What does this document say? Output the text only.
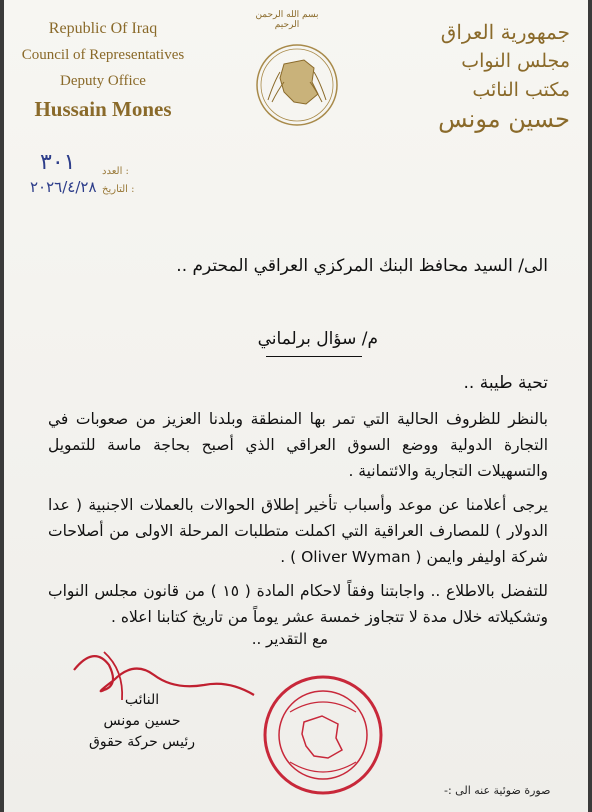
Republic Of Iraq
Council of Representatives
Deputy Office
Hussain Mones
بسم الله الرحمن الرحيم	جمهورية العراق
مجلس النواب
مكتب النائب
حسين مونس
العدد :
التاريخ :
٣٠١
٢٠٢٦/٤/٢٨
الى/ السيد محافظ البنك المركزي العراقي المحترم ..
م/ سؤال برلماني
تحية طيبة ..
بالنظر للظروف الحالية التي تمر بها المنطقة وبلدنا العزيز من صعوبات في التجارة الدولية ووضع السوق العراقي الذي أصبح بحاجة ماسة للتمويل والتسهيلات التجارية والائتمانية .
يرجى أعلامنا عن موعد وأسباب تأخير إطلاق الحوالات بالعملات الاجنبية ( عدا الدولار ) للمصارف العراقية التي اكملت متطلبات المرحلة الاولى من أصلاحات شركة اوليفر وايمن ( Oliver Wyman ) .
للتفضل بالاطلاع .. واجابتنا وفقاً لاحكام المادة ( ١٥ ) من قانون مجلس النواب وتشكيلاته خلال مدة لا تتجاوز خمسة عشر يوماً من تاريخ كتابنا اعلاه .
مع التقدير ..
النائب
حسين مونس
رئيس حركة حقوق
صورة ضوئية عنه الى :-
